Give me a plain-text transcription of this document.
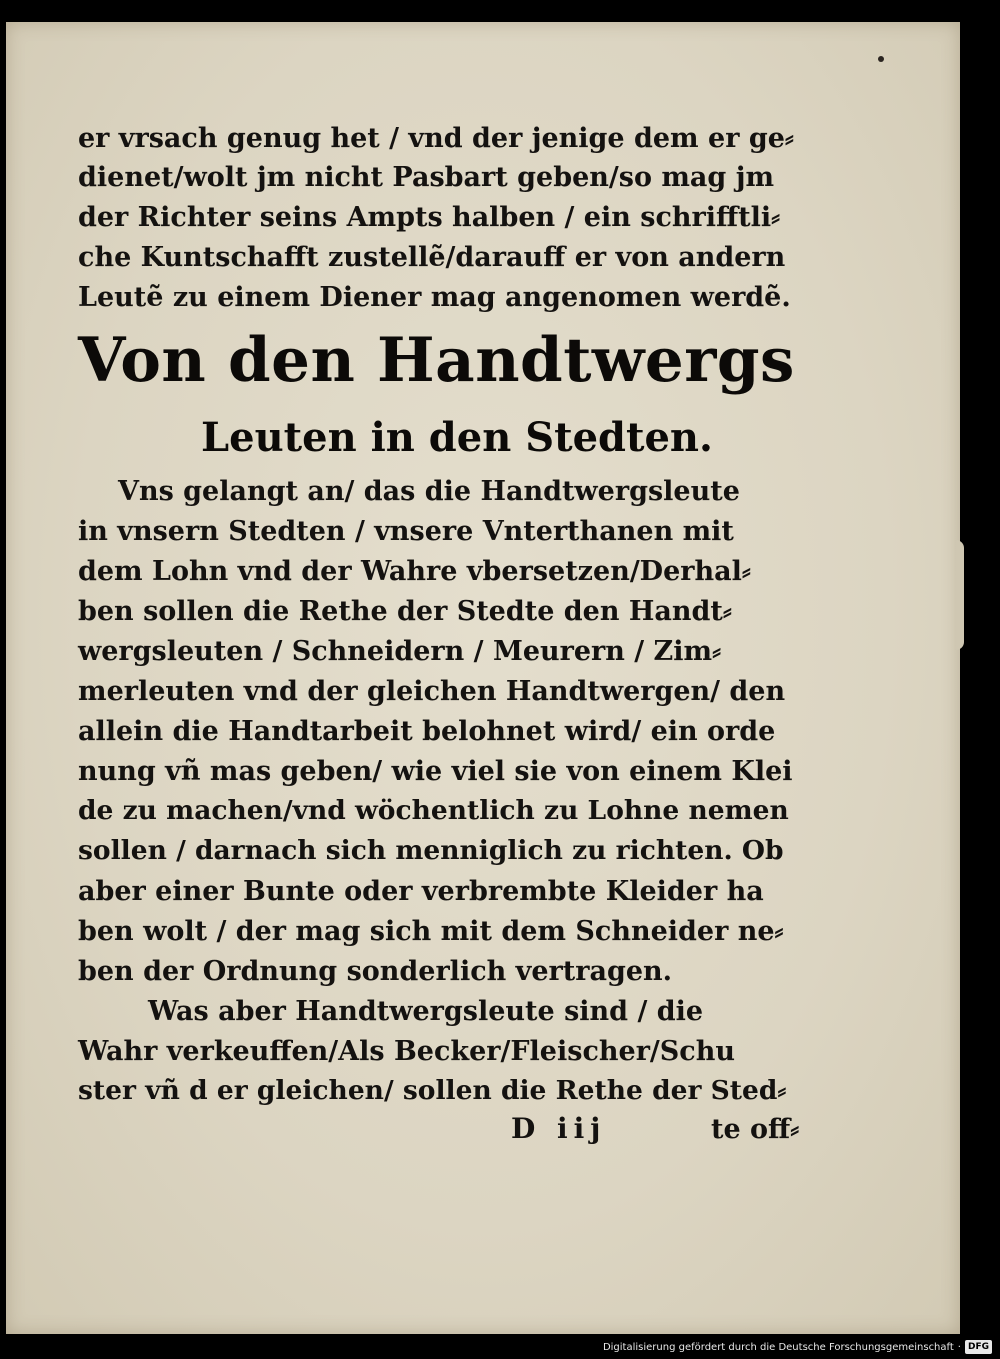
er vrsach genug het / vnd der jenige dem er ge⸗
dienet/wolt jm nicht Pasbart geben/so mag jm
der Richter seins Ampts halben / ein schrifftli⸗
che Kuntschafft zustellẽ/darauff er von andern
Leutẽ zu einem Diener mag angenomen werdẽ.
Von den Handtwergs
Leuten in den Stedten.
Vns gelangt an/ das die Handtwergsleute
in vnsern Stedten / vnsere Vnterthanen mit
dem Lohn vnd der Wahre vbersetzen/Derhal⸗
ben sollen die Rethe der Stedte den Handt⸗
wergsleuten / Schneidern / Meurern / Zim⸗
merleuten vnd der gleichen Handtwergen/ den
allein die Handtarbeit belohnet wird/ ein orde
nung vñ mas geben/ wie viel sie von einem Klei
de zu machen/vnd wöchentlich zu Lohne nemen
sollen / darnach sich menniglich zu richten. Ob
aber einer Bunte oder verbrembte Kleider ha
ben wolt / der mag sich mit dem Schneider ne⸗
ben der Ordnung sonderlich vertragen.
Was aber Handtwergsleute sind / die
Wahr verkeuffen/Als Becker/Fleischer/Schu
ster vñ d er gleichen/ sollen die Rethe der Sted⸗
D iij	te off⸗
Digitalisierung gefördert durch die Deutsche Forschungsgemeinschaft · DFG
